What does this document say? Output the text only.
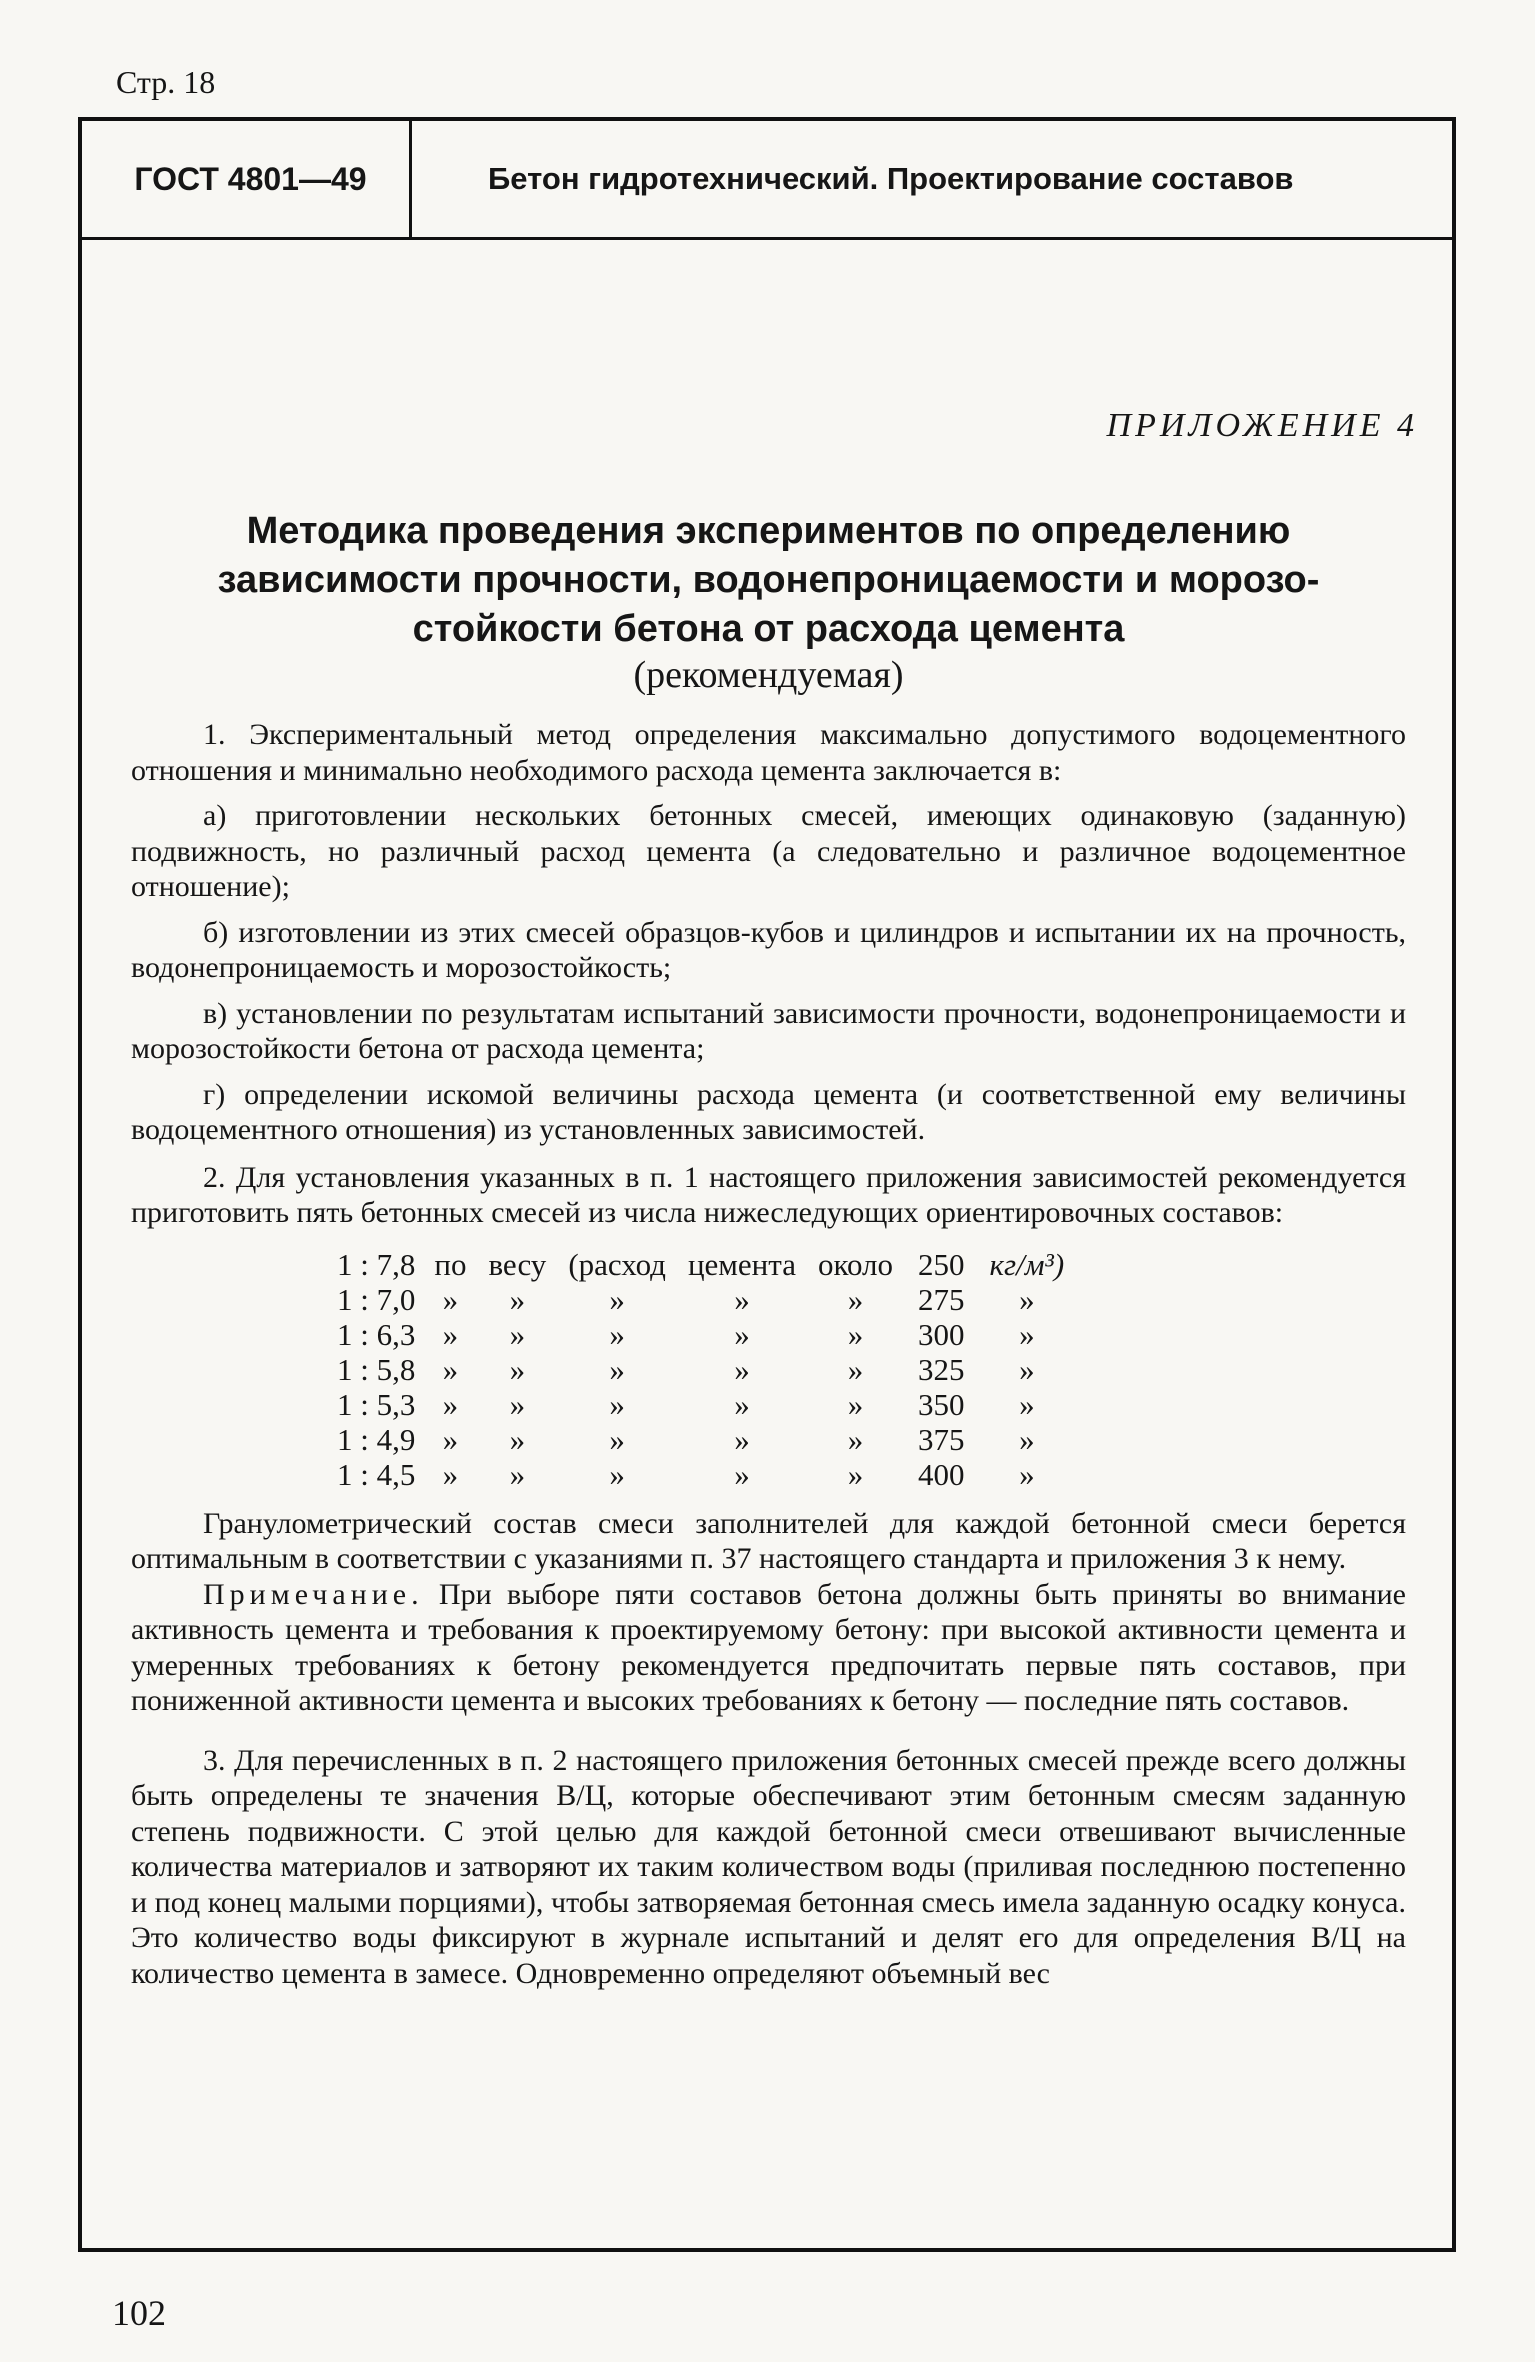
Стр. 18
ГОСТ 4801—49	Бетон гидротехнический. Проектирование составов
ПРИЛОЖЕНИЕ 4
Методика проведения экспериментов по определению
зависимости прочности, водонепроницаемости и морозо-
стойкости бетона от расхода цемента
(рекомендуемая)

1. Экспериментальный метод определения максимально допустимого водоцементного отношения и минимально необходимого расхода цемента заключается в:

а) приготовлении нескольких бетонных смесей, имеющих одинаковую (заданную) подвижность, но различный расход цемента (а следовательно и различное водоцементное отношение);

б) изготовлении из этих смесей образцов-кубов и цилиндров и испытании их на прочность, водонепроницаемость и морозостойкость;

в) установлении по результатам испытаний зависимости прочности, водонепроницаемости и морозостойкости бетона от расхода цемента;

г) определении искомой величины расхода цемента (и соответственной ему величины водоцементного отношения) из установленных зависимостей.

2. Для установления указанных в п. 1 настоящего приложения зависимостей рекомендуется приготовить пять бетонных смесей из числа нижеследующих ориентировочных составов:

1 : 7,8	по	весу	(расход	цемента	около	250	кг/м³)
1 : 7,0	»	»	»	»	»	275	»
1 : 6,3	»	»	»	»	»	300	»
1 : 5,8	»	»	»	»	»	325	»
1 : 5,3	»	»	»	»	»	350	»
1 : 4,9	»	»	»	»	»	375	»
1 : 4,5	»	»	»	»	»	400	»

Гранулометрический состав смеси заполнителей для каждой бетонной смеси берется оптимальным в соответствии с указаниями п. 37 настоящего стандарта и приложения 3 к нему.

Примечание. При выборе пяти составов бетона должны быть приняты во внимание активность цемента и требования к проектируемому бетону: при высокой активности цемента и умеренных требованиях к бетону рекомендуется предпочитать первые пять составов, при пониженной активности цемента и высоких требованиях к бетону — последние пять составов.

3. Для перечисленных в п. 2 настоящего приложения бетонных смесей прежде всего должны быть определены те значения В/Ц, которые обеспечивают этим бетонным смесям заданную степень подвижности. С этой целью для каждой бетонной смеси отвешивают вычисленные количества материалов и затворяют их таким количеством воды (приливая последнюю постепенно и под конец малыми порциями), чтобы затворяемая бетонная смесь имела заданную осадку конуса. Это количество воды фиксируют в журнале испытаний и делят его для определения В/Ц на количество цемента в замесе. Одновременно определяют объемный вес

102
